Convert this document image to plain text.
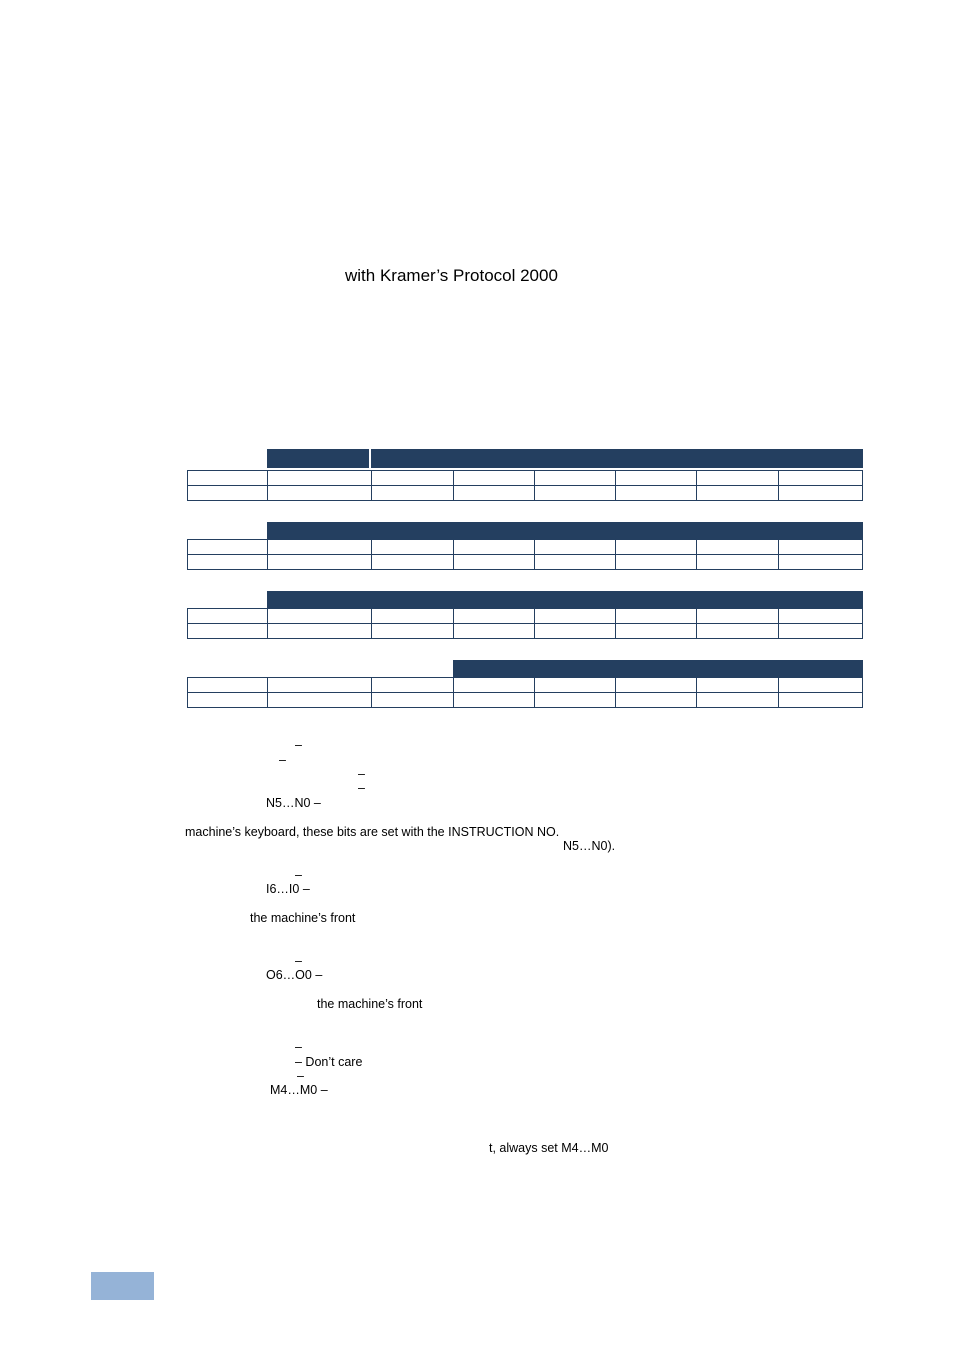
with Kramer’s Protocol 2000

–
–
–
–
N5…N0 –
machine’s keyboard, these bits are set with the INSTRUCTION NO.
N5…N0).
–
I6…I0 –
the machine’s front
–
O6…O0 –
the machine’s front
–
– Don’t care
–
M4…M0 –
t, always set M4…M0
